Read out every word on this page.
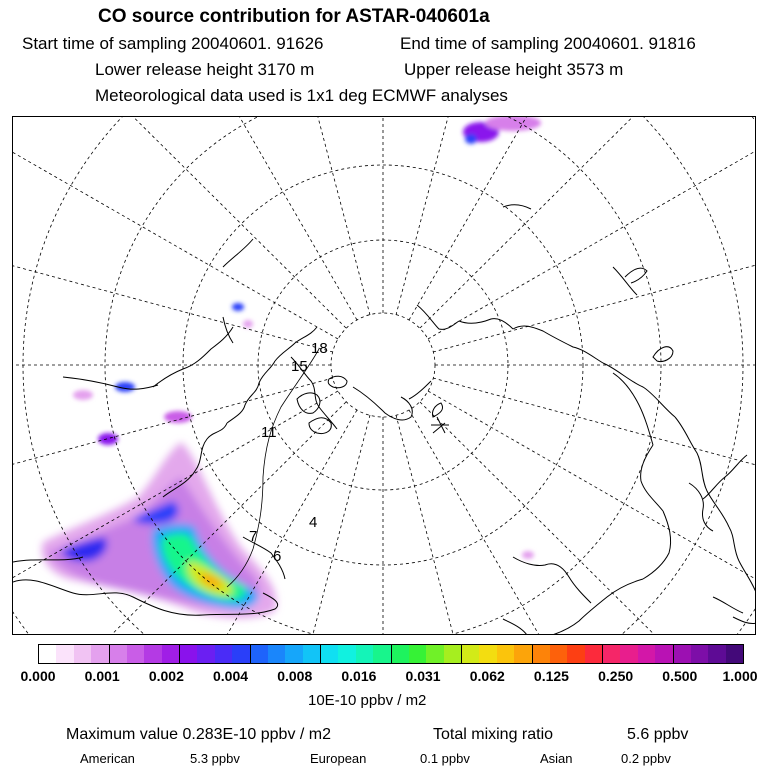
CO source contribution for ASTAR-040601a
Start time of sampling 20040601. 91626	End time of sampling 20040601. 91816
Lower release height 3170 m	Upper release height 3573 m
Meteorological data used is 1x1 deg ECMWF analyses
18
15
11
7
6
4
0.000 0.001 0.002 0.004 0.008 0.016 0.031 0.062 0.125 0.250 0.500 1.000
10E-10 ppbv / m2
Maximum value 0.283E-10 ppbv / m2	Total mixing ratio	5.6 ppbv
American	5.3 ppbv	European	0.1 ppbv	Asian	0.2 ppbv
